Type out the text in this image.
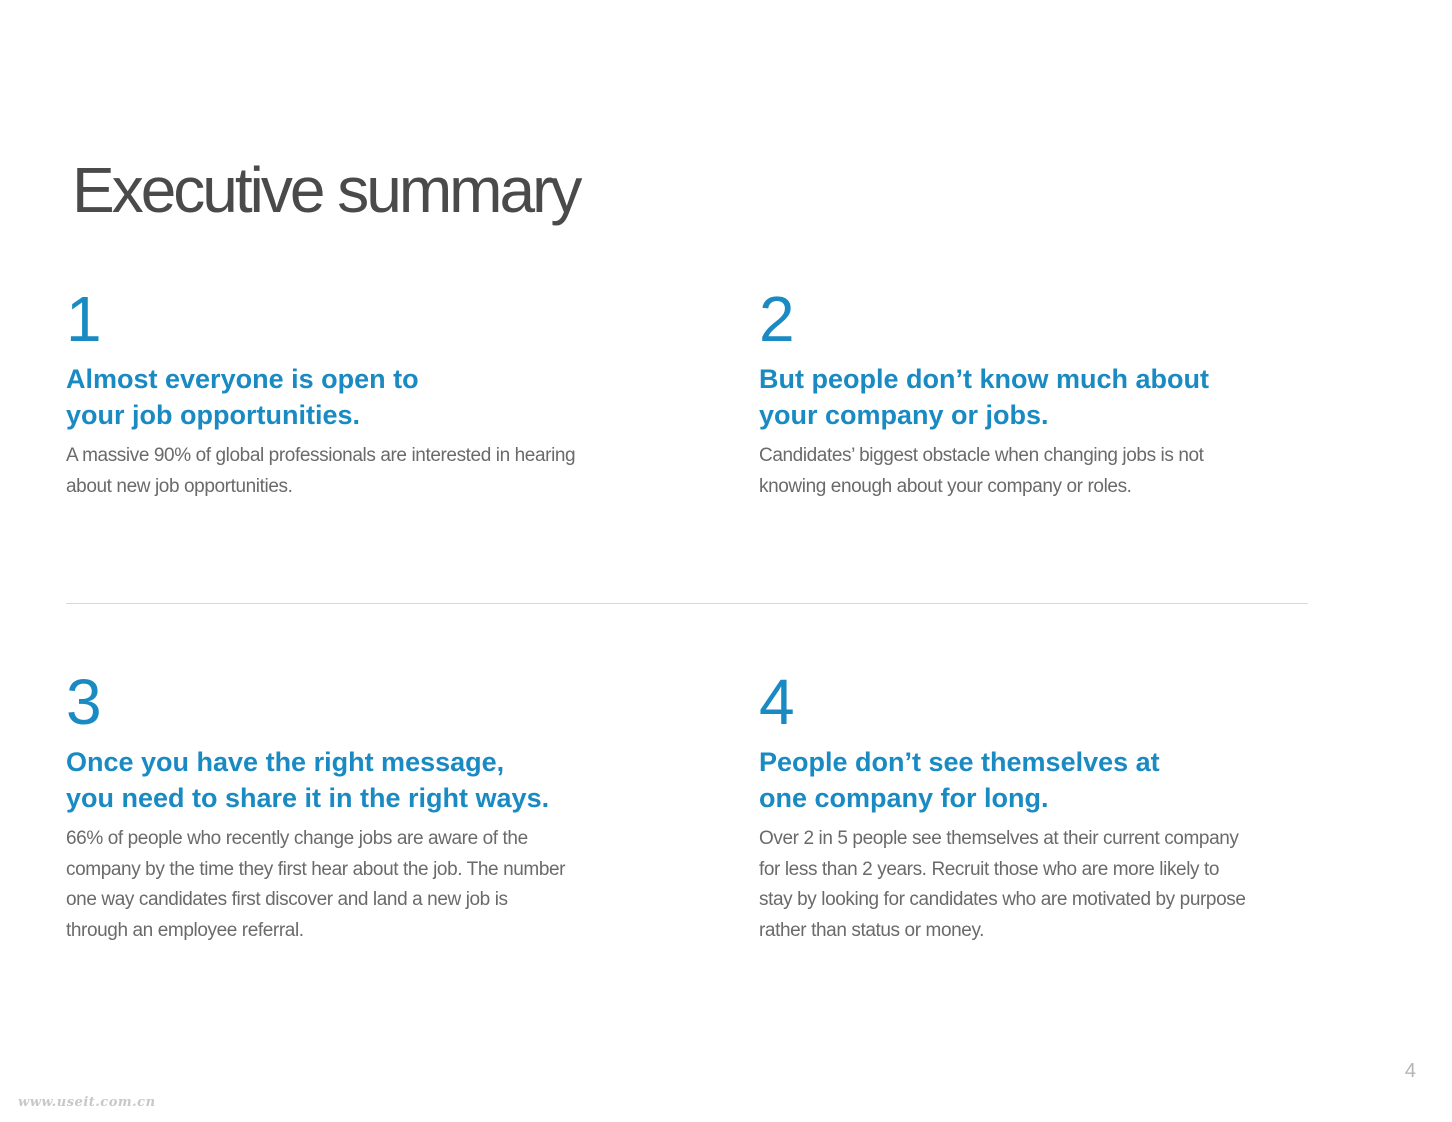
Executive summary
1
Almost everyone is open to
your job opportunities.
A massive 90% of global professionals are interested in hearing
about new job opportunities.
2
But people don’t know much about
your company or jobs.
Candidates’ biggest obstacle when changing jobs is not
knowing enough about your company or roles.
3
Once you have the right message,
you need to share it in the right ways.
66% of people who recently change jobs are aware of the
company by the time they first hear about the job. The number
one way candidates first discover and land a new job is
through an employee referral.
4
People don’t see themselves at
one company for long.
Over 2 in 5 people see themselves at their current company
for less than 2 years. Recruit those who are more likely to
stay by looking for candidates who are motivated by purpose
rather than status or money.
4
www.useit.com.cn
